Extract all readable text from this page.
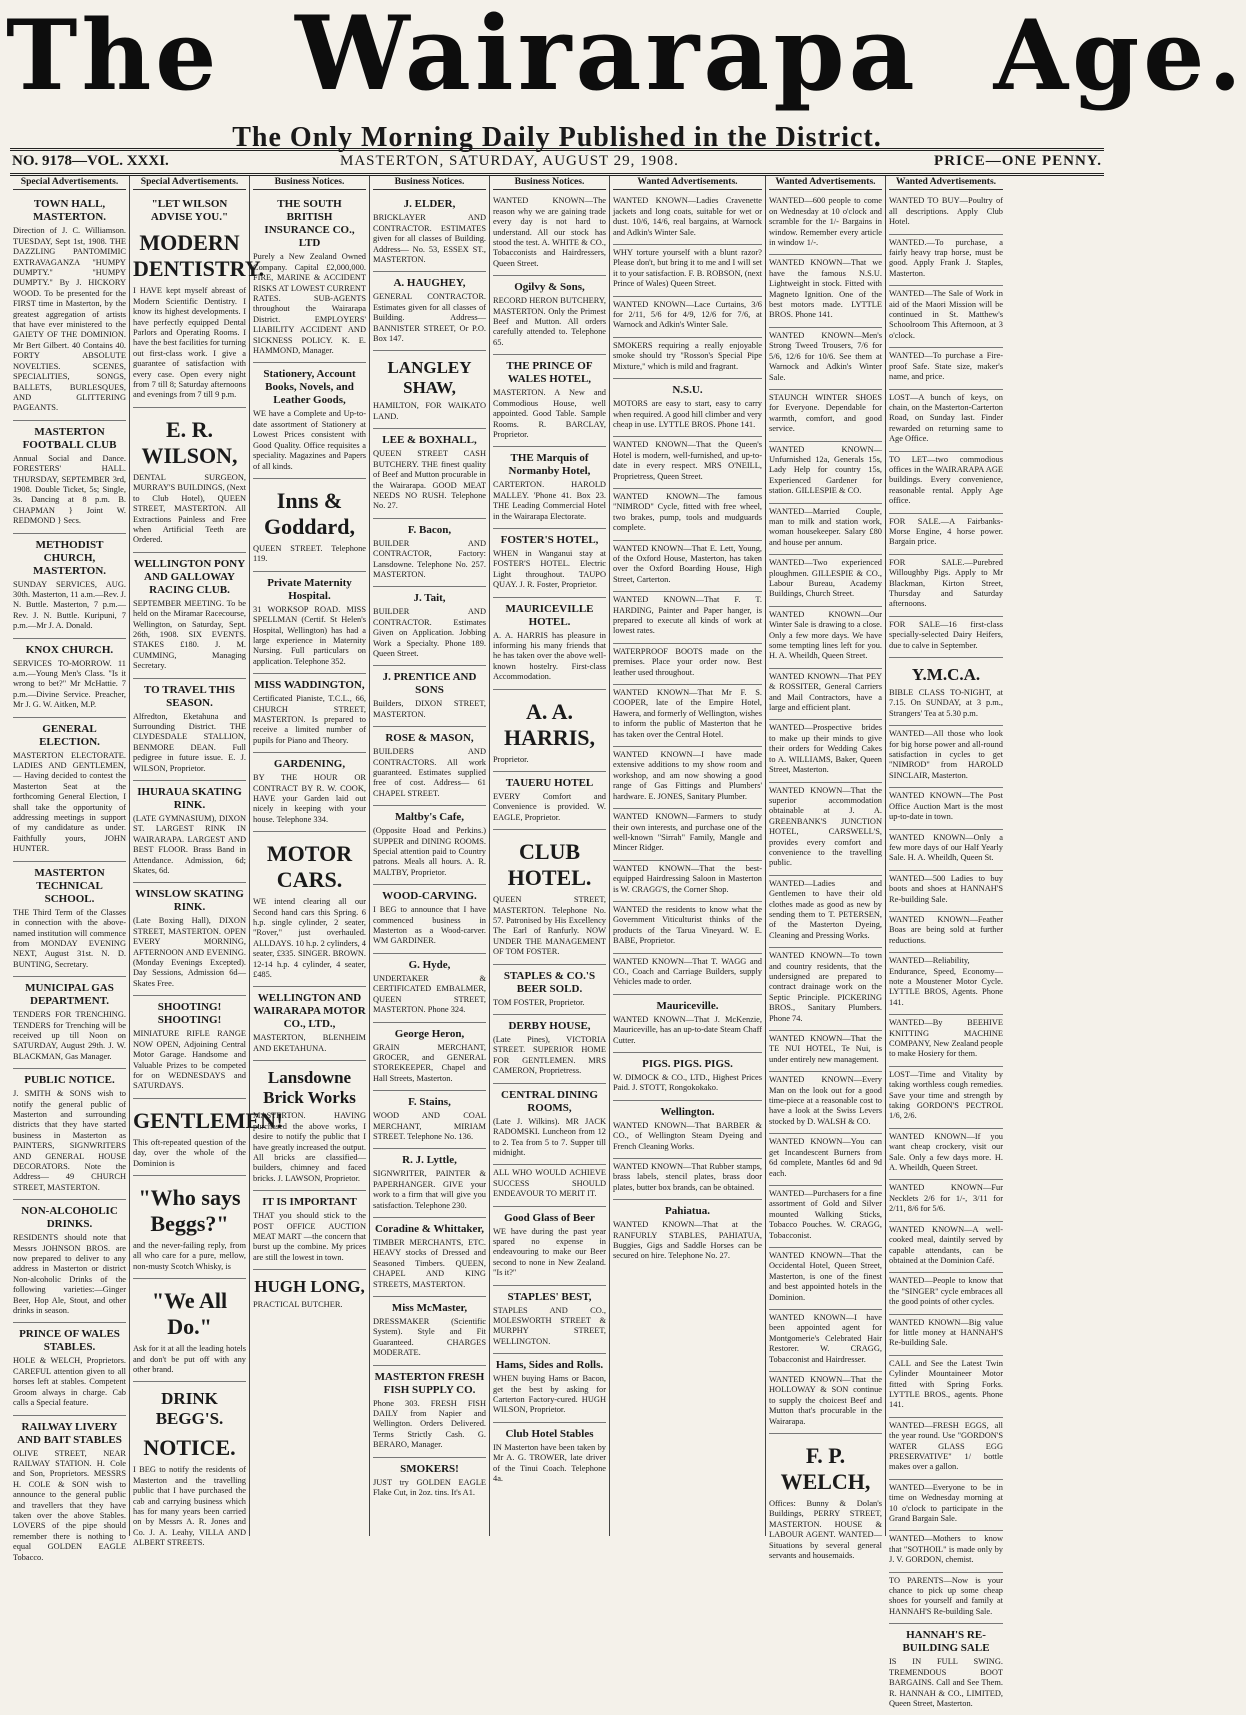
The Wairarapa Age.
The Only Morning Daily Published in the District.
NO. 9178—VOL. XXXI.	MASTERTON, SATURDAY, AUGUST 29, 1908.	PRICE—ONE PENNY.
Special Advertisements.
TOWN HALL, MASTERTON.

Direction of J. C. Williamson. TUESDAY, Sept 1st, 1908. THE DAZZLING PANTOMIMIC EXTRAVAGANZA "HUMPY DUMPTY." "HUMPY DUMPTY." By J. HICKORY WOOD. To be presented for the FIRST time in Masterton, by the greatest aggregation of artists that have ever ministered to the GAIETY OF THE DOMINION. Mr Bert Gilbert. 40 Contains 40. FORTY ABSOLUTE NOVELTIES. SCENES, SPECIALITIES, SONGS, BALLETS, BURLESQUES, AND GLITTERING PAGEANTS.

MASTERTON FOOTBALL CLUB

Annual Social and Dance. FORESTERS' HALL. THURSDAY, SEPTEMBER 3rd, 1908. Double Ticket, 5s; Single, 3s. Dancing at 8 p.m. B. CHAPMAN } Joint W. REDMOND } Secs.

METHODIST CHURCH, MASTERTON.

SUNDAY SERVICES, AUG. 30th. Masterton, 11 a.m.—Rev. J. N. Buttle. Masterton, 7 p.m.—Rev. J. N. Buttle. Kuripuni, 7 p.m.—Mr J. A. Donald.

KNOX CHURCH.

SERVICES TO-MORROW. 11 a.m.—Young Men's Class. "Is it wrong to bet?" Mr McHattie. 7 p.m.—Divine Service. Preacher, Mr J. G. W. Aitken, M.P.

GENERAL ELECTION.

MASTERTON ELECTORATE. LADIES AND GENTLEMEN,— Having decided to contest the Masterton Seat at the forthcoming General Election, I shall take the opportunity of addressing meetings in support of my candidature as under. Faithfully yours, JOHN HUNTER.

MASTERTON TECHNICAL SCHOOL.

THE Third Term of the Classes in connection with the above-named institution will commence from MONDAY EVENING NEXT, August 31st. N. D. BUNTING, Secretary.

MUNICIPAL GAS DEPARTMENT.

TENDERS FOR TRENCHING. TENDERS for Trenching will be received up till Noon on SATURDAY, August 29th. J. W. BLACKMAN, Gas Manager.

PUBLIC NOTICE.

J. SMITH & SONS wish to notify the general public of Masterton and surrounding districts that they have started business in Masterton as PAINTERS, SIGNWRITERS AND GENERAL HOUSE DECORATORS. Note the Address— 49 CHURCH STREET, MASTERTON.

NON-ALCOHOLIC DRINKS.

RESIDENTS should note that Messrs JOHNSON BROS. are now prepared to deliver to any address in Masterton or district Non-alcoholic Drinks of the following varieties:—Ginger Beer, Hop Ale, Stout, and other drinks in season.

PRINCE OF WALES STABLES.

HOLE & WELCH, Proprietors. CAREFUL attention given to all horses left at stables. Competent Groom always in charge. Cab calls a Special feature.

RAILWAY LIVERY AND BAIT STABLES

OLIVE STREET, NEAR RAILWAY STATION. H. Cole and Son, Proprietors. MESSRS H. COLE & SON wish to announce to the general public and travellers that they have taken over the above Stables. LOVERS of the pipe should remember there is nothing to equal GOLDEN EAGLE Tobacco.

Special Advertisements.
"LET WILSON ADVISE YOU."
MODERN DENTISTRY.

I HAVE kept myself abreast of Modern Scientific Dentistry. I know its highest developments. I have perfectly equipped Dental Parlors and Operating Rooms. I have the best facilities for turning out first-class work. I give a guarantee of satisfaction with every case. Open every night from 7 till 8; Saturday afternoons and evenings from 7 till 9 p.m.

E. R. WILSON,

DENTAL SURGEON, MURRAY'S BUILDINGS, (Next to Club Hotel), QUEEN STREET, MASTERTON. All Extractions Painless and Free when Artificial Teeth are Ordered.

WELLINGTON PONY AND GALLOWAY RACING CLUB.

SEPTEMBER MEETING. To be held on the Miramar Racecourse, Wellington, on Saturday, Sept. 26th, 1908. SIX EVENTS. STAKES £180. J. M. CUMMING, Managing Secretary.

TO TRAVEL THIS SEASON.

Alfredton, Eketahuna and Surrounding District. THE CLYDESDALE STALLION, BENMORE DEAN. Full pedigree in future issue. E. J. WILSON, Proprietor.

IHURAUA SKATING RINK.

(LATE GYMNASIUM), DIXON ST. LARGEST RINK IN WAIRARAPA. LARGEST AND BEST FLOOR. Brass Band in Attendance. Admission, 6d; Skates, 6d.

WINSLOW SKATING RINK.

(Late Boxing Hall), DIXON STREET, MASTERTON. OPEN EVERY MORNING, AFTERNOON AND EVENING. (Monday Evenings Excepted). Day Sessions, Admission 6d—Skates Free.

SHOOTING! SHOOTING!

MINIATURE RIFLE RANGE NOW OPEN, Adjoining Central Motor Garage. Handsome and Valuable Prizes to be competed for on WEDNESDAYS and SATURDAYS.

GENTLEMEN!

This oft-repeated question of the day, over the whole of the Dominion is

"Who says Beggs?"

and the never-failing reply, from all who care for a pure, mellow, non-musty Scotch Whisky, is

"We All Do."

Ask for it at all the leading hotels and don't be put off with any other brand.

DRINK BEGG'S.
NOTICE.

I BEG to notify the residents of Masterton and the travelling public that I have purchased the cab and carrying business which has for many years been carried on by Messrs A. R. Jones and Co. J. A. Leahy, VILLA AND ALBERT STREETS.

Business Notices.
THE SOUTH BRITISH INSURANCE CO., LTD

Purely a New Zealand Owned Company. Capital £2,000,000. FIRE, MARINE & ACCIDENT RISKS AT LOWEST CURRENT RATES. SUB-AGENTS throughout the Wairarapa District. EMPLOYERS' LIABILITY ACCIDENT AND SICKNESS POLICY. K. E. HAMMOND, Manager.

Stationery, Account Books, Novels, and Leather Goods,

WE have a Complete and Up-to-date assortment of Stationery at Lowest Prices consistent with Good Quality. Office requisites a speciality. Magazines and Papers of all kinds.

Inns & Goddard,

QUEEN STREET. Telephone 119.

Private Maternity Hospital.

31 WORKSOP ROAD. MISS SPELLMAN (Certif. St Helen's Hospital, Wellington) has had a large experience in Maternity Nursing. Full particulars on application. Telephone 352.

MISS WADDINGTON,

Certificated Pianiste, T.C.L., 66, CHURCH STREET, MASTERTON. Is prepared to receive a limited number of pupils for Piano and Theory.

GARDENING,

BY THE HOUR OR CONTRACT BY R. W. COOK, HAVE your Garden laid out nicely in keeping with your house. Telephone 334.

MOTOR CARS.

WE intend clearing all our Second hand cars this Spring. 6 h.p. single cylinder, 2 seater, "Rover," just overhauled. ALLDAYS. 10 h.p. 2 cylinders, 4 seater, £335. SINGER. BROWN. 12-14 h.p. 4 cylinder, 4 seater, £485.

WELLINGTON AND WAIRARAPA MOTOR CO., LTD.,

MASTERTON, BLENHEIM AND EKETAHUNA.

Lansdowne Brick Works

MASTERTON. HAVING purchased the above works, I desire to notify the public that I have greatly increased the output. All bricks are classified—builders, chimney and faced bricks. J. LAWSON, Proprietor.

IT IS IMPORTANT

THAT you should stick to the POST OFFICE AUCTION MEAT MART —the concern that burst up the combine. My prices are still the lowest in town.

HUGH LONG,

PRACTICAL BUTCHER.

Business Notices.
J. ELDER,

BRICKLAYER AND CONTRACTOR. ESTIMATES given for all classes of Building. Address— No. 53, ESSEX ST., MASTERTON.

A. HAUGHEY,

GENERAL CONTRACTOR. Estimates given for all classes of Building. Address—BANNISTER STREET, Or P.O. Box 147.

LANGLEY SHAW,

HAMILTON, FOR WAIKATO LAND.

LEE & BOXHALL,

QUEEN STREET CASH BUTCHERY. THE finest quality of Beef and Mutton procurable in the Wairarapa. GOOD MEAT NEEDS NO RUSH. Telephone No. 27.

F. Bacon,

BUILDER AND CONTRACTOR, Factory: Lansdowne. Telephone No. 257. MASTERTON.

J. Tait,

BUILDER AND CONTRACTOR. Estimates Given on Application. Jobbing Work a Specialty. Phone 189. Queen Street.

J. PRENTICE AND SONS

Builders, DIXON STREET, MASTERTON.

ROSE & MASON,

BUILDERS AND CONTRACTORS. All work guaranteed. Estimates supplied free of cost. Address— 61 CHAPEL STREET.

Maltby's Cafe,

(Opposite Hoad and Perkins.) SUPPER and DINING ROOMS. Special attention paid to Country patrons. Meals all hours. A. R. MALTBY, Proprietor.

WOOD-CARVING.

I BEG to announce that I have commenced business in Masterton as a Wood-carver. WM GARDINER.

G. Hyde,

UNDERTAKER & CERTIFICATED EMBALMER, QUEEN STREET, MASTERTON. Phone 324.

George Heron,

GRAIN MERCHANT, GROCER, and GENERAL STOREKEEPER, Chapel and Hall Streets, Masterton.

F. Stains,

WOOD AND COAL MERCHANT, MIRIAM STREET. Telephone No. 136.

R. J. Lyttle,

SIGNWRITER, PAINTER & PAPERHANGER. GIVE your work to a firm that will give you satisfaction. Telephone 230.

Coradine & Whittaker,

TIMBER MERCHANTS, ETC. HEAVY stocks of Dressed and Seasoned Timbers. QUEEN, CHAPEL AND KING STREETS, MASTERTON.

Miss McMaster,

DRESSMAKER (Scientific System). Style and Fit Guaranteed. CHARGES MODERATE.

MASTERTON FRESH FISH SUPPLY CO.

Phone 303. FRESH FISH DAILY from Napier and Wellington. Orders Delivered. Terms Strictly Cash. G. BERARO, Manager.

SMOKERS!

JUST try GOLDEN EAGLE Flake Cut, in 2oz. tins. It's A1.

Business Notices.

WANTED KNOWN—The reason why we are gaining trade every day is not hard to understand. All our stock has stood the test. A. WHITE & CO., Tobacconists and Hairdressers, Queen Street.

Ogilvy & Sons,

RECORD HERON BUTCHERY, MASTERTON. Only the Primest Beef and Mutton. All orders carefully attended to. Telephone 65.

THE PRINCE OF WALES HOTEL,

MASTERTON. A New and Commodious House, well appointed. Good Table. Sample Rooms. R. BARCLAY, Proprietor.

THE Marquis of Normanby Hotel,

CARTERTON. HAROLD MALLEY. 'Phone 41. Box 23. THE Leading Commercial Hotel in the Wairarapa Electorate.

FOSTER'S HOTEL,

WHEN in Wanganui stay at FOSTER'S HOTEL. Electric Light throughout. TAUPO QUAY. J. R. Foster, Proprietor.

MAURICEVILLE HOTEL.

A. A. HARRIS has pleasure in informing his many friends that he has taken over the above well-known hostelry. First-class Accommodation.

A. A. HARRIS,

Proprietor.

TAUERU HOTEL

EVERY Comfort and Convenience is provided. W. EAGLE, Proprietor.

CLUB HOTEL.

QUEEN STREET, MASTERTON. Telephone No. 57. Patronised by His Excellency The Earl of Ranfurly. NOW UNDER THE MANAGEMENT OF TOM FOSTER.

STAPLES & CO.'S BEER SOLD.

TOM FOSTER, Proprietor.

DERBY HOUSE,

(Late Pines), VICTORIA STREET. SUPERIOR HOME FOR GENTLEMEN. MRS CAMERON, Proprietress.

CENTRAL DINING ROOMS,

(Late J. Wilkins). MR JACK RADOMSKI. Luncheon from 12 to 2. Tea from 5 to 7. Supper till midnight.

ALL WHO WOULD ACHIEVE SUCCESS SHOULD ENDEAVOUR TO MERIT IT.

Good Glass of Beer

WE have during the past year spared no expense in endeavouring to make our Beer second to none in New Zealand. "Is it?"

STAPLES' BEST,

STAPLES AND CO., MOLESWORTH STREET & MURPHY STREET, WELLINGTON.

Hams, Sides and Rolls.

WHEN buying Hams or Bacon, get the best by asking for Carterton Factory-cured. HUGH WILSON, Proprietor.

Club Hotel Stables

IN Masterton have been taken by Mr A. G. TROWER, late driver of the Tinui Coach. Telephone 4a.

Wanted Advertisements.

WANTED KNOWN—Ladies Cravenette jackets and long coats, suitable for wet or dust. 10/6, 14/6, real bargains, at Warnock and Adkin's Winter Sale.

WHY torture yourself with a blunt razor? Please don't, but bring it to me and I will set it to your satisfaction. F. B. ROBSON, (next Prince of Wales) Queen Street.

WANTED KNOWN—Lace Curtains, 3/6 for 2/11, 5/6 for 4/9, 12/6 for 7/6, at Warnock and Adkin's Winter Sale.

SMOKERS requiring a really enjoyable smoke should try "Rosson's Special Pipe Mixture," which is mild and fragrant.

N.S.U.

MOTORS are easy to start, easy to carry when required. A good hill climber and very cheap in use. LYTTLE BROS. Phone 141.

WANTED KNOWN—That the Queen's Hotel is modern, well-furnished, and up-to-date in every respect. MRS O'NEILL, Proprietress, Queen Street.

WANTED KNOWN—The famous "NIMROD" Cycle, fitted with free wheel, two brakes, pump, tools and mudguards complete.

WANTED KNOWN—That E. Lett, Young, of the Oxford House, Masterton, has taken over the Oxford Boarding House, High Street, Carterton.

WANTED KNOWN—That F. T. HARDING, Painter and Paper hanger, is prepared to execute all kinds of work at lowest rates.

WATERPROOF BOOTS made on the premises. Place your order now. Best leather used throughout.

WANTED KNOWN—That Mr F. S. COOPER, late of the Empire Hotel, Hawera, and formerly of Wellington, wishes to inform the public of Masterton that he has taken over the Central Hotel.

WANTED KNOWN—I have made extensive additions to my show room and workshop, and am now showing a good range of Gas Fittings and Plumbers' hardware. E. JONES, Sanitary Plumber.

WANTED KNOWN—Farmers to study their own interests, and purchase one of the well-known "Sirrah" Family, Mangle and Mincer Ridger.

WANTED KNOWN—That the best-equipped Hairdressing Saloon in Masterton is W. CRAGG'S, the Corner Shop.

WANTED the residents to know what the Government Viticulturist thinks of the products of the Tarua Vineyard. W. E. BABE, Proprietor.

WANTED KNOWN—That T. WAGG and CO., Coach and Carriage Builders, supply Vehicles made to order.

Mauriceville.

WANTED KNOWN—That J. McKenzie, Mauriceville, has an up-to-date Steam Chaff Cutter.

PIGS. PIGS. PIGS.

W. DIMOCK & CO., LTD., Highest Prices Paid. J. STOTT, Rongokokako.

Wellington.

WANTED KNOWN—That BARBER & CO., of Wellington Steam Dyeing and French Cleaning Works.

WANTED KNOWN—That Rubber stamps, brass labels, stencil plates, brass door plates, butter box brands, can be obtained.

Pahiatua.

WANTED KNOWN—That at the RANFURLY STABLES, PAHIATUA, Buggies, Gigs and Saddle Horses can be secured on hire. Telephone No. 27.

Wanted Advertisements.

WANTED—600 people to come on Wednesday at 10 o'clock and scramble for the 1/- Bargains in window. Remember every article in window 1/-.

WANTED KNOWN—That we have the famous N.S.U. Lightweight in stock. Fitted with Magneto Ignition. One of the best motors made. LYTTLE BROS. Phone 141.

WANTED KNOWN—Men's Strong Tweed Trousers, 7/6 for 5/6, 12/6 for 10/6. See them at Warnock and Adkin's Winter Sale.

STAUNCH WINTER SHOES for Everyone. Dependable for warmth, comfort, and good service.

WANTED KNOWN—Unfurnished 12a, Generals 15s, Lady Help for country 15s, Experienced Gardener for station. GILLESPIE & CO.

WANTED—Married Couple, man to milk and station work, woman housekeeper. Salary £80 and house per annum.

WANTED—Two experienced ploughmen. GILLESPIE & CO., Labour Bureau, Academy Buildings, Church Street.

WANTED KNOWN—Our Winter Sale is drawing to a close. Only a few more days. We have some tempting lines left for you. H. A. Wheildh, Queen Street.

WANTED KNOWN—That PEY & ROSSITER, General Carriers and Mail Contractors, have a large and efficient plant.

WANTED—Prospective brides to make up their minds to give their orders for Wedding Cakes to A. WILLIAMS, Baker, Queen Street, Masterton.

WANTED KNOWN—That the superior accommodation obtainable at J. A. GREENBANK'S JUNCTION HOTEL, CARSWELL'S, provides every comfort and convenience to the travelling public.

WANTED—Ladies and Gentlemen to have their old clothes made as good as new by sending them to T. PETERSEN, of the Masterton Dyeing, Cleaning and Pressing Works.

WANTED KNOWN—To town and country residents, that the undersigned are prepared to contract drainage work on the Septic Principle. PICKERING BROS., Sanitary Plumbers. Phone 74.

WANTED KNOWN—That the TE NUI HOTEL, Te Nui, is under entirely new management.

WANTED KNOWN—Every Man on the look out for a good time-piece at a reasonable cost to have a look at the Swiss Levers stocked by D. WALSH & CO.

WANTED KNOWN—You can get Incandescent Burners from 6d complete, Mantles 6d and 9d each.

WANTED—Purchasers for a fine assortment of Gold and Silver mounted Walking Sticks, Tobacco Pouches. W. CRAGG, Tobacconist.

WANTED KNOWN—That the Occidental Hotel, Queen Street, Masterton, is one of the finest and best appointed hotels in the Dominion.

WANTED KNOWN—I have been appointed agent for Montgomerie's Celebrated Hair Restorer. W. CRAGG, Tobacconist and Hairdresser.

WANTED KNOWN—That the HOLLOWAY & SON continue to supply the choicest Beef and Mutton that's procurable in the Wairarapa.

F. P. WELCH,

Offices: Bunny & Dolan's Buildings, PERRY STREET, MASTERTON. HOUSE & LABOUR AGENT. WANTED—Situations by several general servants and housemaids.

Wanted Advertisements.

WANTED TO BUY—Poultry of all descriptions. Apply Club Hotel.

WANTED.—To purchase, a fairly heavy trap horse, must be good. Apply Frank J. Staples, Masterton.

WANTED—The Sale of Work in aid of the Maori Mission will be continued in St. Matthew's Schoolroom This Afternoon, at 3 o'clock.

WANTED—To purchase a Fire-proof Safe. State size, maker's name, and price.

LOST—A bunch of keys, on chain, on the Masterton-Carterton Road, on Sunday last. Finder rewarded on returning same to Age Office.

TO LET—two commodious offices in the WAIRARAPA AGE buildings. Every convenience, reasonable rental. Apply Age office.

FOR SALE.—A Fairbanks-Morse Engine, 4 horse power. Bargain price.

FOR SALE.—Purebred Willoughby Pigs. Apply to Mr Blackman, Kirton Street, Thursday and Saturday afternoons.

FOR SALE—16 first-class specially-selected Dairy Heifers, due to calve in September.

Y.M.C.A.

BIBLE CLASS TO-NIGHT, at 7.15. On SUNDAY, at 3 p.m., Strangers' Tea at 5.30 p.m.

WANTED—All those who look for big horse power and all-round satisfaction in cycles to get "NIMROD" from HAROLD SINCLAIR, Masterton.

WANTED KNOWN—The Post Office Auction Mart is the most up-to-date in town.

WANTED KNOWN—Only a few more days of our Half Yearly Sale. H. A. Wheildh, Queen St.

WANTED—500 Ladies to buy boots and shoes at HANNAH'S Re-building Sale.

WANTED KNOWN—Feather Boas are being sold at further reductions.

WANTED—Reliability, Endurance, Speed, Economy—note a Moustener Motor Cycle. LYTTLE BROS, Agents. Phone 141.

WANTED—By BEEHIVE KNITTING MACHINE COMPANY, New Zealand people to make Hosiery for them.

LOST—Time and Vitality by taking worthless cough remedies. Save your time and strength by taking GORDON'S PECTROL 1/6, 2/6.

WANTED KNOWN—If you want cheap crockery, visit our Sale. Only a few days more. H. A. Wheildh, Queen Street.

WANTED KNOWN—Fur Necklets 2/6 for 1/-, 3/11 for 2/11, 8/6 for 5/6.

WANTED KNOWN—A well-cooked meal, daintily served by capable attendants, can be obtained at the Dominion Café.

WANTED—People to know that the "SINGER" cycle embraces all the good points of other cycles.

WANTED KNOWN—Big value for little money at HANNAH'S Re-building Sale.

CALL and See the Latest Twin Cylinder Mountaineer Motor fitted with Spring Forks. LYTTLE BROS., agents. Phone 141.

WANTED—FRESH EGGS, all the year round. Use "GORDON'S WATER GLASS EGG PRESERVATIVE" 1/ bottle makes over a gallon.

WANTED—Everyone to be in time on Wednesday morning at 10 o'clock to participate in the Grand Bargain Sale.

WANTED—Mothers to know that "SOTHOIL" is made only by J. V. GORDON, chemist.

TO PARENTS—Now is your chance to pick up some cheap shoes for yourself and family at HANNAH'S Re-building Sale.

HANNAH'S RE-BUILDING SALE

IS IN FULL SWING. TREMENDOUS BOOT BARGAINS. Call and See Them. R. HANNAH & CO., LIMITED, Queen Street, Masterton.
